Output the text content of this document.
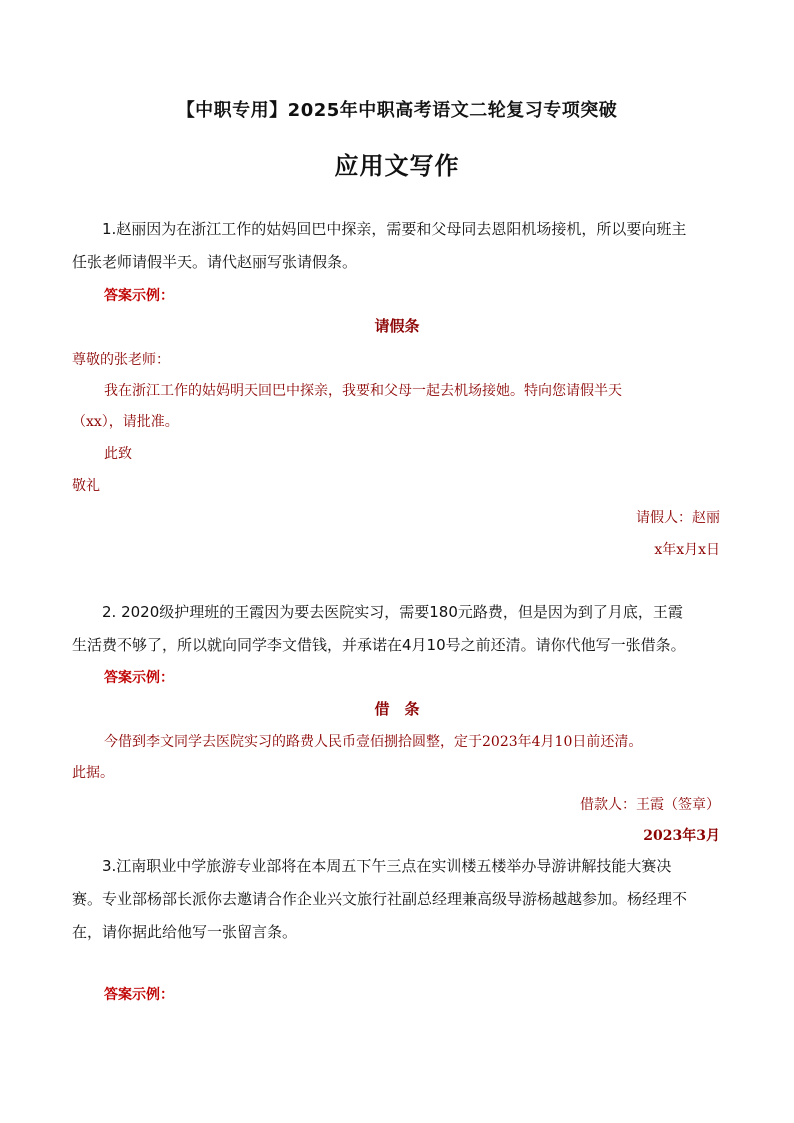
【中职专用】2025年中职高考语文二轮复习专项突破
应用文写作
1.赵丽因为在浙江工作的姑妈回巴中探亲，需要和父母同去恩阳机场接机，所以要向班主
任张老师请假半天。请代赵丽写张请假条。
答案示例：
请假条
尊敬的张老师：
我在浙江工作的姑妈明天回巴中探亲，我要和父母一起去机场接她。特向您请假半天
（xx），请批准。
此致
敬礼
请假人：赵丽
x年x月x日
2. 2020级护理班的王霞因为要去医院实习，需要180元路费，但是因为到了月底，王霞
生活费不够了，所以就向同学李文借钱，并承诺在4月10号之前还清。请你代他写一张借条。
答案示例：
借　条
今借到李文同学去医院实习的路费人民币壹佰捌拾圆整，定于2023年4月10日前还清。
此据。
借款人：王霞（签章）
2023年3月
3.江南职业中学旅游专业部将在本周五下午三点在实训楼五楼举办导游讲解技能大赛决
赛。专业部杨部长派你去邀请合作企业兴文旅行社副总经理兼高级导游杨越越参加。杨经理不
在，请你据此给他写一张留言条。
答案示例：
